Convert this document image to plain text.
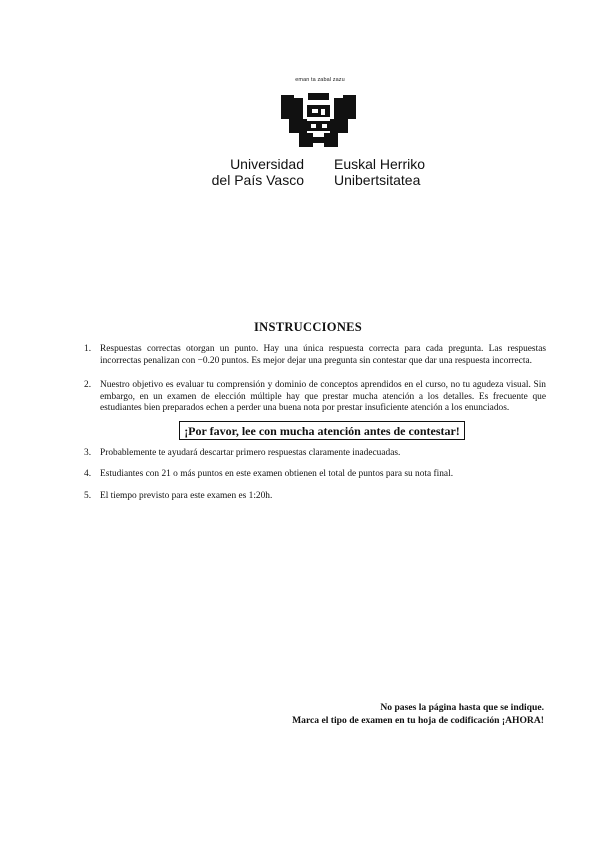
eman ta zabal zazu
Universidad
del País Vasco
Euskal Herriko
Unibertsitatea
INSTRUCCIONES
1. Respuestas correctas otorgan un punto. Hay una única respuesta correcta para cada pregunta. Las respuestas incorrectas penalizan con −0.20 puntos. Es mejor dejar una pregunta sin contestar que dar una respuesta incorrecta.
2. Nuestro objetivo es evaluar tu comprensión y dominio de conceptos aprendidos en el curso, no tu agudeza visual. Sin embargo, en un examen de elección múltiple hay que prestar mucha atención a los detalles. Es frecuente que estudiantes bien preparados echen a perder una buena nota por prestar insuficiente atención a los enunciados.
¡Por favor, lee con mucha atención antes de contestar!
3. Probablemente te ayudará descartar primero respuestas claramente inadecuadas.
4. Estudiantes con 21 o más puntos en este examen obtienen el total de puntos para su nota final.
5. El tiempo previsto para este examen es 1:20h.
No pases la página hasta que se indique.
Marca el tipo de examen en tu hoja de codificación ¡AHORA!
